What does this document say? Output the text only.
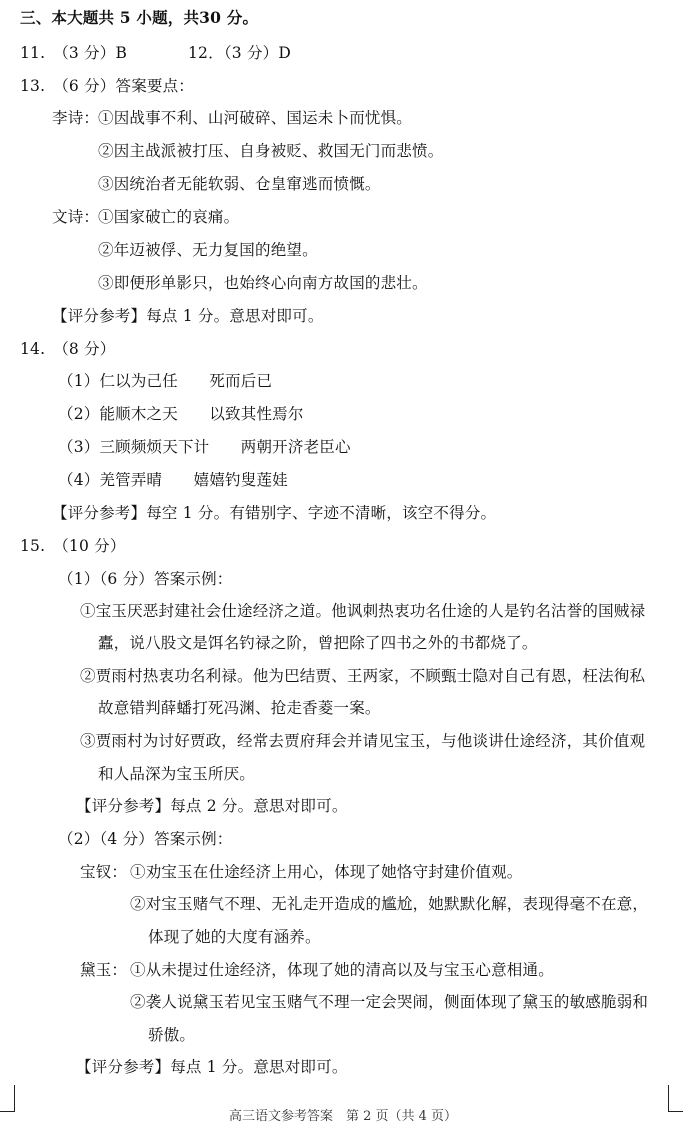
三、本大题共 5 小题，共30 分。
11.　（3 分）B	12．（3 分）D
13.　（6 分）答案要点：
李诗：
①因战事不利、山河破碎、国运未卜而忧惧。
②因主战派被打压、自身被贬、救国无门而悲愤。
③因统治者无能软弱、仓皇窜逃而愤慨。
文诗：
①国家破亡的哀痛。
②年迈被俘、无力复国的绝望。
③即便形单影只，也始终心向南方故国的悲壮。
【评分参考】每点 1 分。意思对即可。
14.　（8 分）
（1）仁以为己任　　死而后已
（2）能顺木之天　　以致其性焉尔
（3）三顾频烦天下计　　两朝开济老臣心
（4）羌管弄晴　　嬉嬉钓叟莲娃
【评分参考】每空 1 分。有错别字、字迹不清晰，该空不得分。
15.　（10 分）
（1）（6 分）答案示例：
①宝玉厌恶封建社会仕途经济之道。他讽刺热衷功名仕途的人是钓名沽誉的国贼禄
蠹，说八股文是饵名钓禄之阶，曾把除了四书之外的书都烧了。
②贾雨村热衷功名利禄。他为巴结贾、王两家，不顾甄士隐对自己有恩，枉法徇私
故意错判薛蟠打死冯渊、抢走香菱一案。
③贾雨村为讨好贾政，经常去贾府拜会并请见宝玉，与他谈讲仕途经济，其价值观
和人品深为宝玉所厌。
【评分参考】每点 2 分。意思对即可。
（2）（4 分）答案示例：
宝钗： ①劝宝玉在仕途经济上用心，体现了她恪守封建价值观。
②对宝玉赌气不理、无礼走开造成的尴尬，她默默化解，表现得毫不在意，
体现了她的大度有涵养。
黛玉： ①从未提过仕途经济，体现了她的清高以及与宝玉心意相通。
②袭人说黛玉若见宝玉赌气不理一定会哭闹，侧面体现了黛玉的敏感脆弱和
骄傲。
【评分参考】每点 1 分。意思对即可。
高三语文参考答案　第 2 页（共 4 页）
